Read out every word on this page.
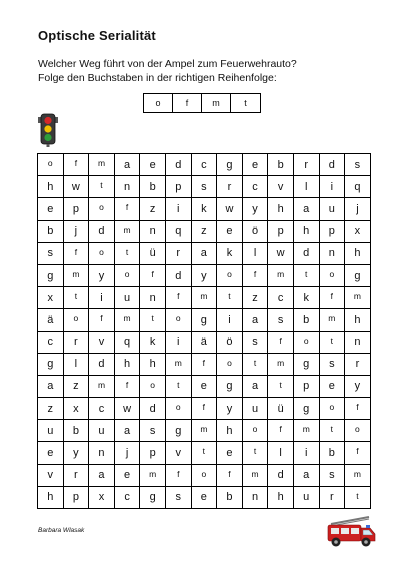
Optische Serialität
Welcher Weg führt von der Ampel zum Feuerwehrauto?
Folge den Buchstaben in der richtigen Reihenfolge:
o	f	m	t
o	f	m	a	e	d	c	g	e	b	r	d	s
h	w	t	n	b	p	s	r	c	v	l	i	q
e	p	o	f	z	i	k	w	y	h	a	u	j
b	j	d	m	n	q	z	e	ö	p	h	p	x
s	f	o	t	ü	r	a	k	l	w	d	n	h
g	m	y	o	f	d	y	o	f	m	t	o	g
x	t	i	u	n	f	m	t	z	c	k	f	m
ä	o	f	m	t	o	g	i	a	s	b	m	h
c	r	v	q	k	i	ä	ö	s	f	o	t	n
g	l	d	h	h	m	f	o	t	m	g	s	r
a	z	m	f	o	t	e	g	a	t	p	e	y
z	x	c	w	d	o	f	y	u	ü	g	o	f
u	b	u	a	s	g	m	h	o	f	m	t	o
e	y	n	j	p	v	t	e	t	l	i	b	f
v	r	a	e	m	f	o	f	m	d	a	s	m
h	p	x	c	g	s	e	b	n	h	u	r	t
Barbara Wlasak
